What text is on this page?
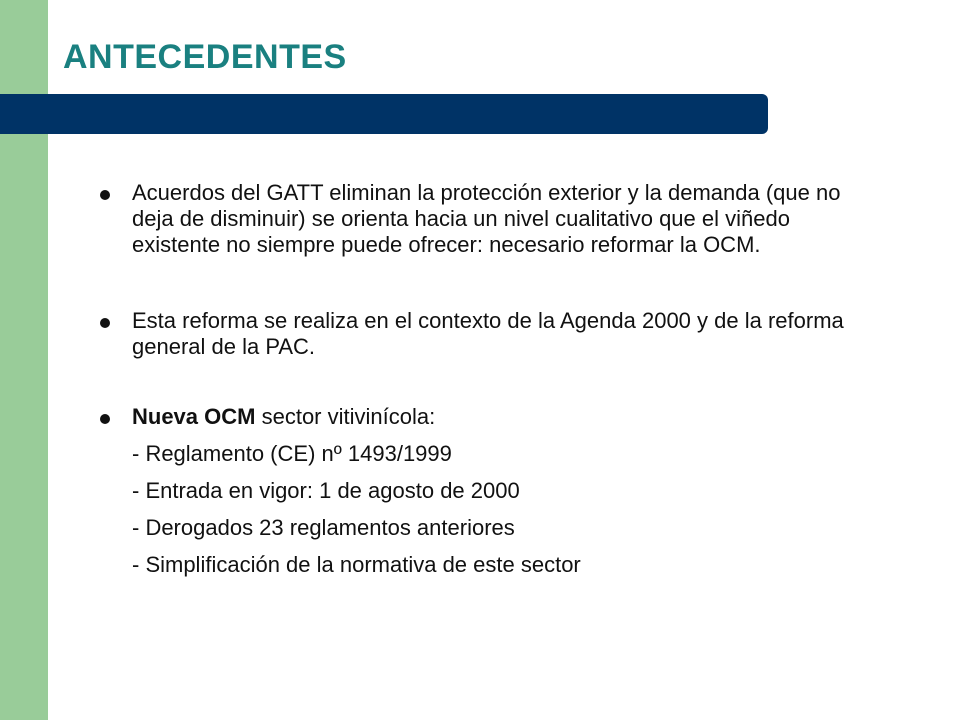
ANTECEDENTES

Acuerdos del GATT eliminan la protección exterior y la demanda (que no deja de disminuir) se orienta hacia un nivel cualitativo que el viñedo existente no siempre puede ofrecer: necesario reformar la OCM.

Esta reforma se realiza en el contexto de la Agenda 2000 y de la reforma general de la PAC.

Nueva OCM sector vitivinícola:
- Reglamento (CE) nº 1493/1999
- Entrada en vigor: 1 de agosto de 2000
- Derogados 23 reglamentos anteriores
- Simplificación de la normativa de este sector
